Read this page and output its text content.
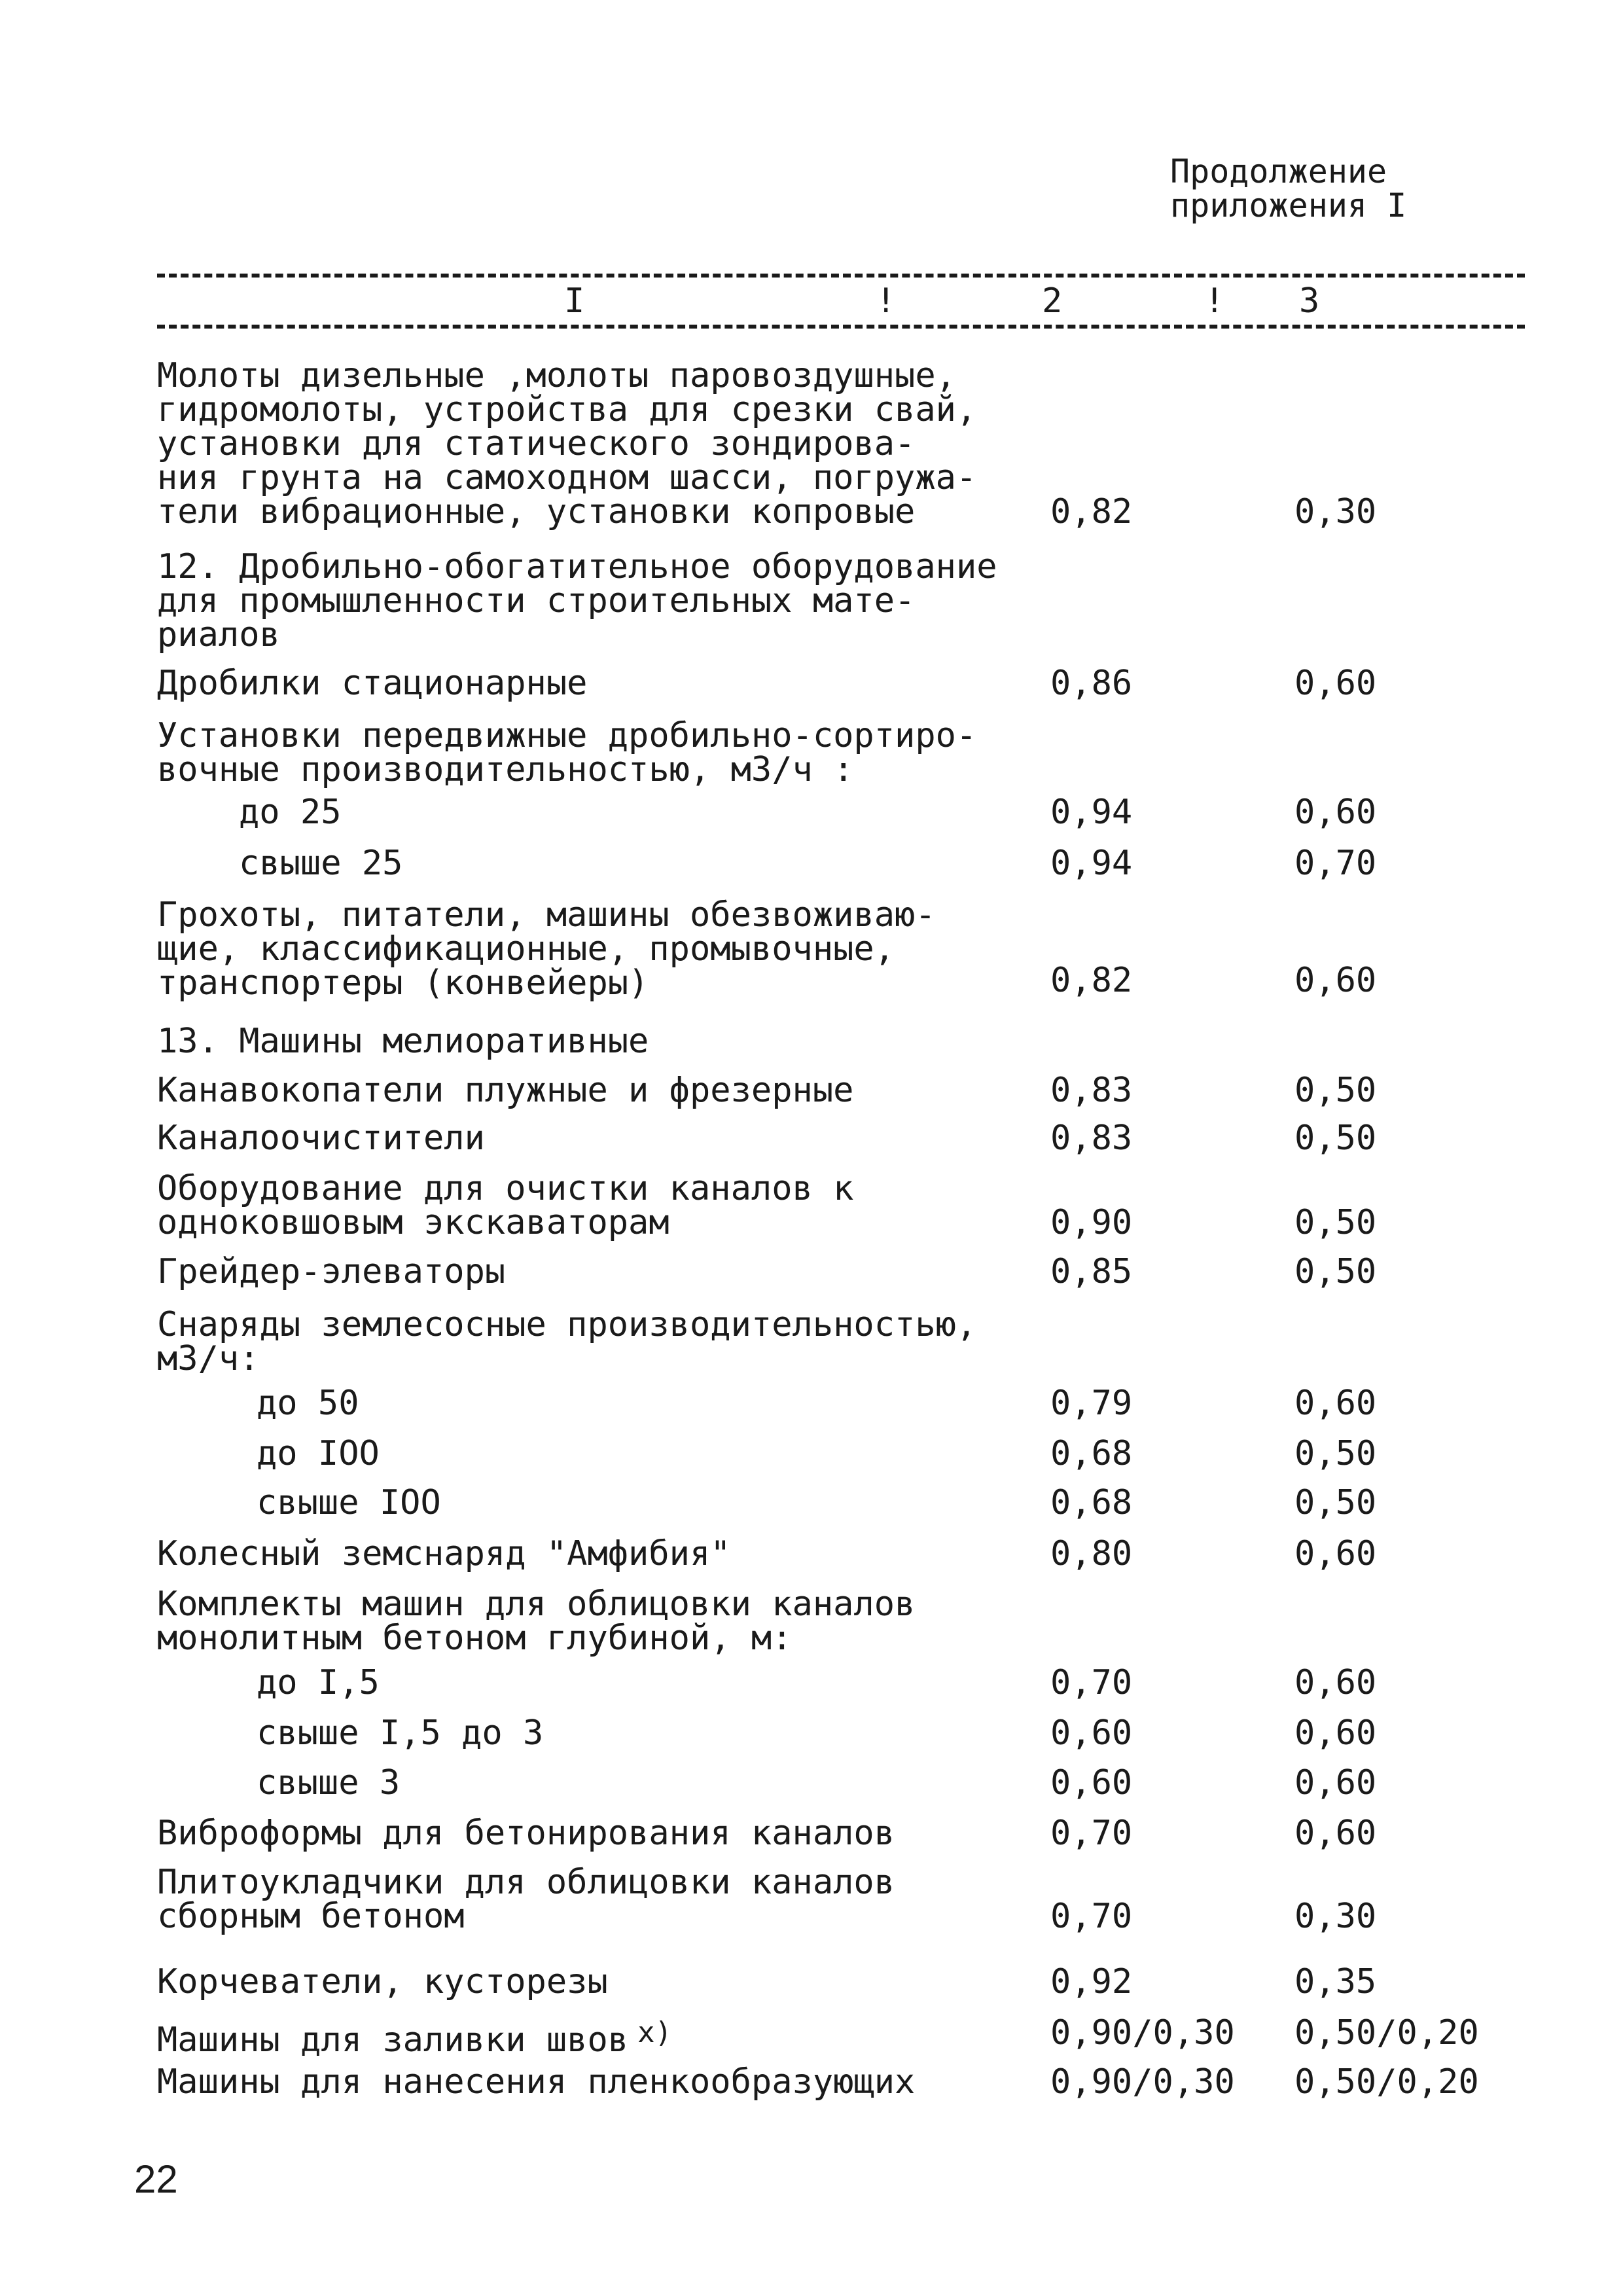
Продолжение
приложения I
I	!	2	! 3
Молоты дизельные ,молоты паровоздушные,
гидромолоты, устройства для срезки свай,
установки для статического зондирова-
ния грунта на самоходном шасси, погружа-
тели вибрационные, установки копровые	0,82	0,30
12. Дробильно-обогатительное оборудование
для промышленности строительных мате-
риалов
Дробилки стационарные	0,86	0,60
Установки передвижные дробильно-сортиро-
вочные производительностью, м3/ч :
до 25	0,94	0,60
свыше 25	0,94	0,70
Грохоты, питатели, машины обезвоживаю-
щие, классификационные, промывочные,
транспортеры (конвейеры)	0,82	0,60
13. Машины мелиоративные
Канавокопатели плужные и фрезерные	0,83	0,50
Каналоочистители	0,83	0,50
Оборудование для очистки каналов к
одноковшовым экскаваторам	0,90	0,50
Грейдер-элеваторы	0,85	0,50
Снаряды землесосные производительностью,
м3/ч:
до 50	0,79	0,60
до IOO	0,68	0,50
свыше IOO	0,68	0,50
Колесный земснаряд "Амфибия"	0,80	0,60
Комплекты машин для облицовки каналов
монолитным бетоном глубиной, м:
до I,5	0,70	0,60
свыше I,5 до 3	0,60	0,60
свыше 3	0,60	0,60
Виброформы для бетонирования каналов	0,70	0,60
Плитоукладчики для облицовки каналов
сборным бетоном	0,70	0,30
Корчеватели, кусторезы	0,92	0,35
Машины для заливки швов $^{x)}$	0,90/0,30 0,50/0,20
Машины для нанесения пленкообразующих	0,90/0,30 0,50/0,20
22
